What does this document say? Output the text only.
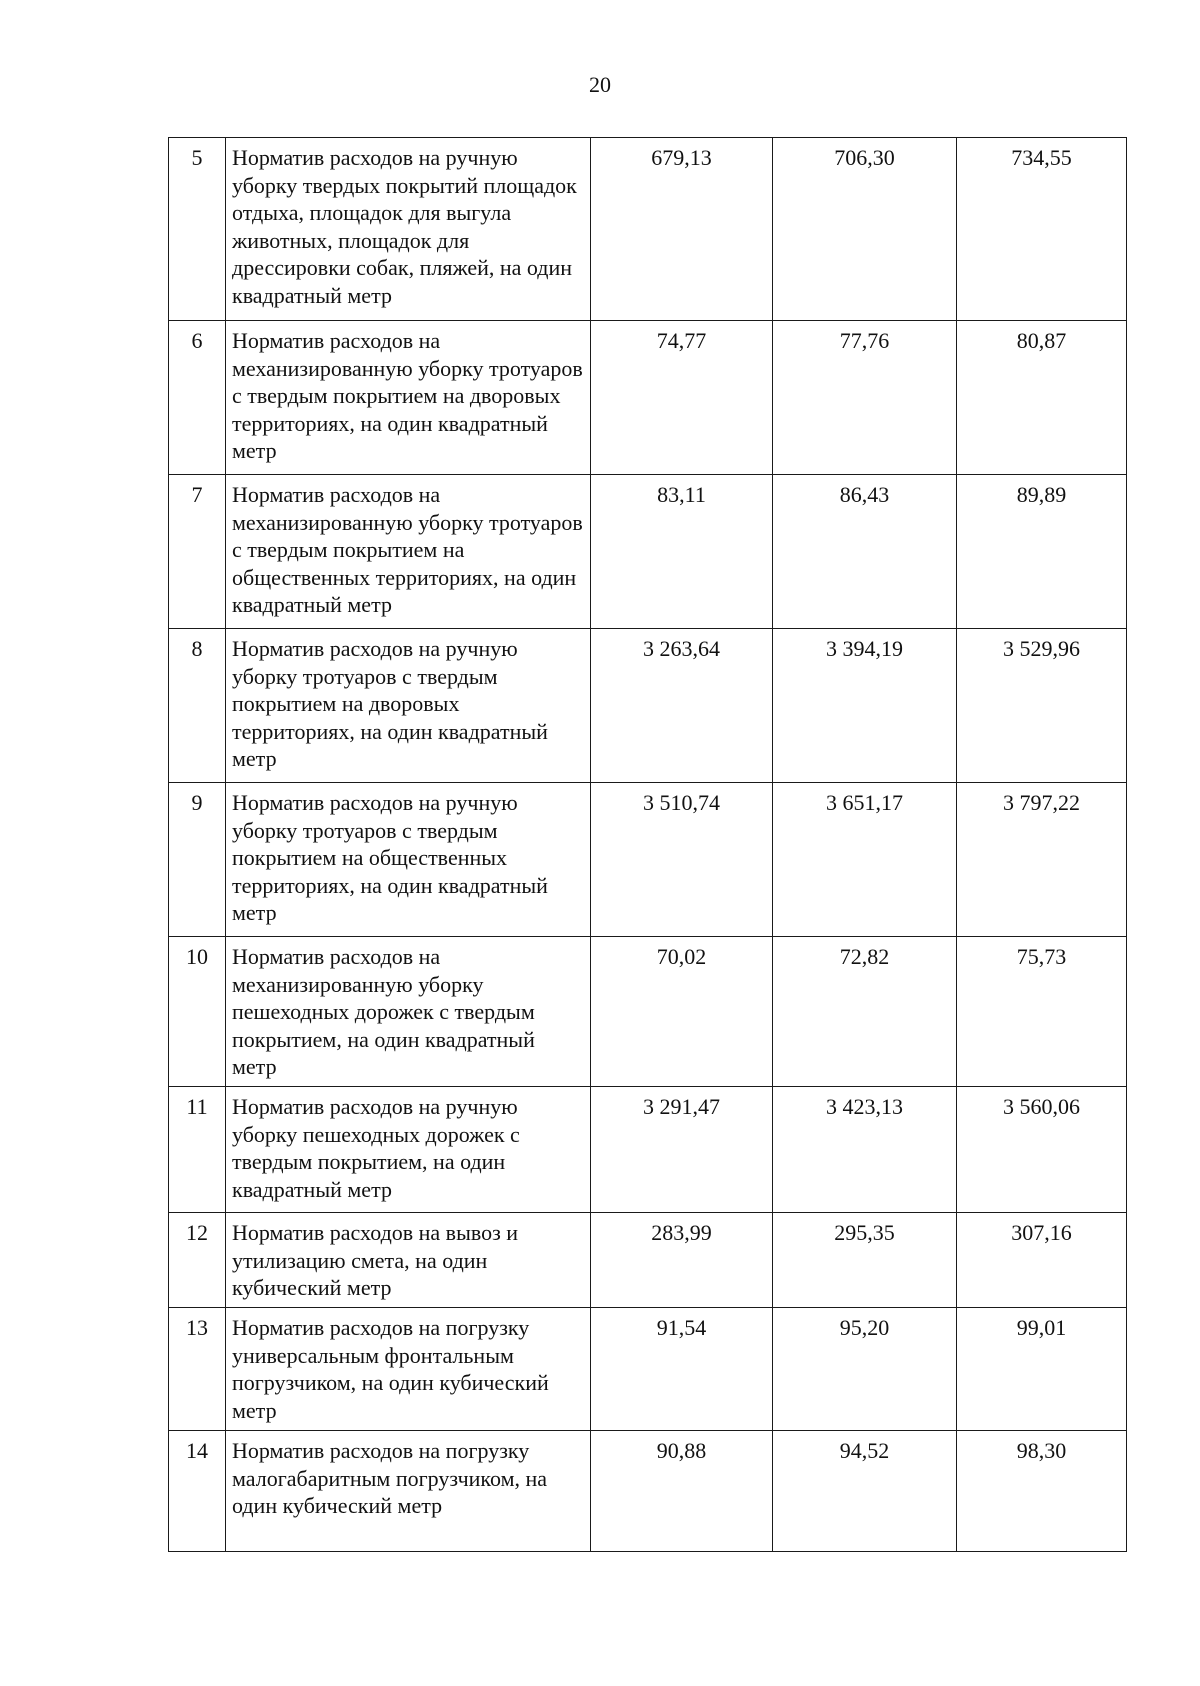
20
5	Норматив расходов на ручную уборку твердых покрытий площадок отдыха, площадок для выгула животных, площадок для дрессировки собак, пляжей, на один квадратный метр	679,13	706,30	734,55
6	Норматив расходов на механизированную уборку тротуаров с твердым покрытием на дворовых территориях, на один квадратный метр	74,77	77,76	80,87
7	Норматив расходов на механизированную уборку тротуаров с твердым покрытием на общественных территориях, на один квадратный метр	83,11	86,43	89,89
8	Норматив расходов на ручную уборку тротуаров с твердым покрытием на дворовых территориях, на один квадратный метр	3 263,64	3 394,19	3 529,96
9	Норматив расходов на ручную уборку тротуаров с твердым покрытием на общественных территориях, на один квадратный метр	3 510,74	3 651,17	3 797,22
10	Норматив расходов на механизированную уборку пешеходных дорожек с твердым покрытием, на один квадратный метр	70,02	72,82	75,73
11	Норматив расходов на ручную уборку пешеходных дорожек с твердым покрытием, на один квадратный метр	3 291,47	3 423,13	3 560,06
12	Норматив расходов на вывоз и утилизацию смета, на один кубический метр	283,99	295,35	307,16
13	Норматив расходов на погрузку универсальным фронтальным погрузчиком, на один кубический метр	91,54	95,20	99,01
14	Норматив расходов на погрузку малогабаритным погрузчиком, на один кубический метр	90,88	94,52	98,30
